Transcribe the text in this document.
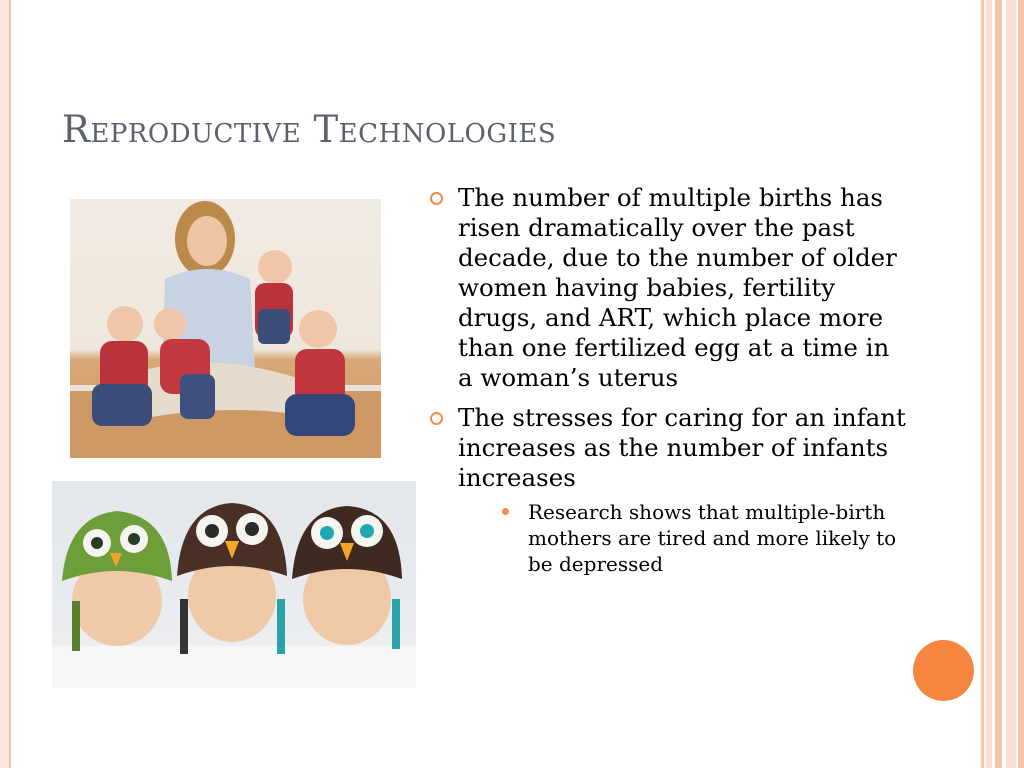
Reproductive Technologies
The number of multiple births has risen dramatically over the past decade, due to the number of older women having babies, fertility drugs, and ART, which place more than one fertilized egg at a time in a woman’s uterus
The stresses for caring for an infant increases as the number of infants increases
Research shows that multiple-birth mothers are tired and more likely to be depressed
